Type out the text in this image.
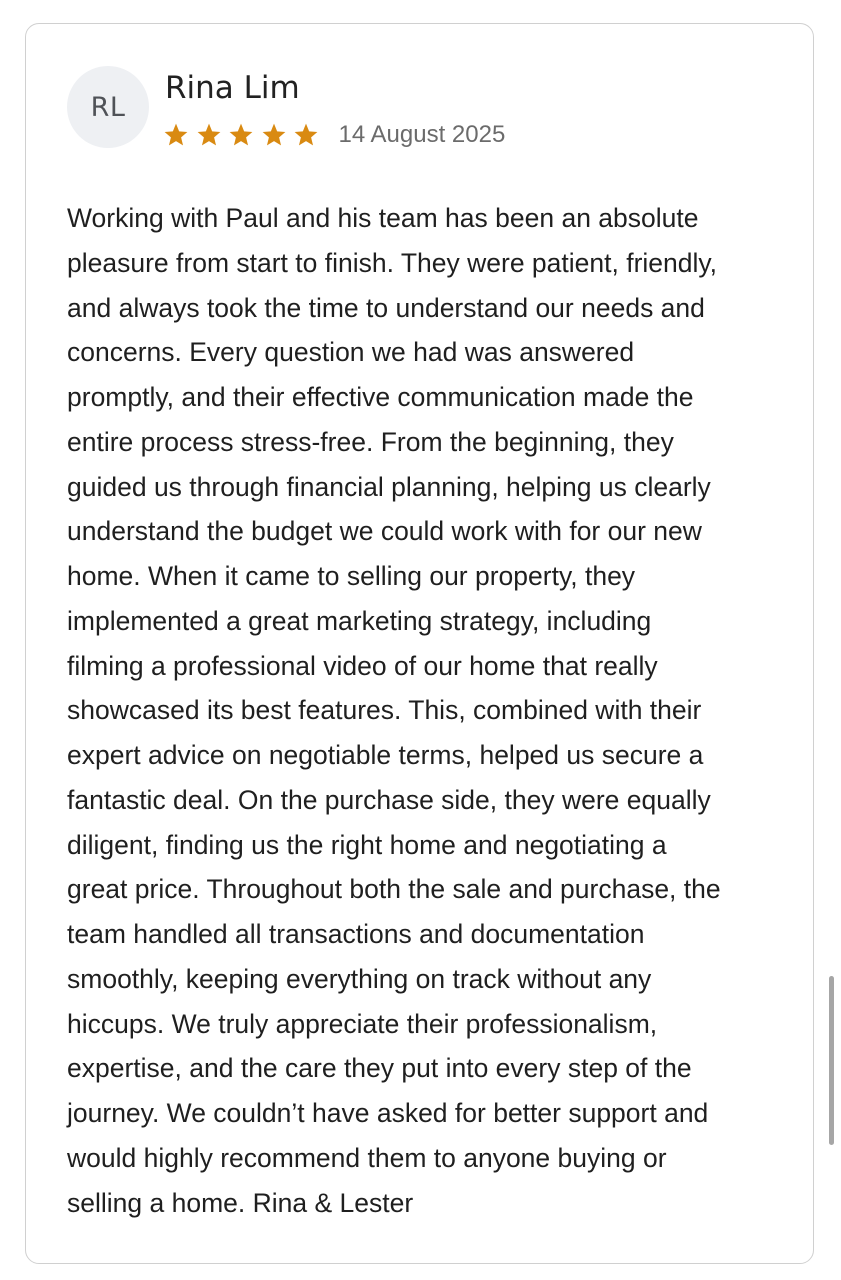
RL
Rina Lim
14 August 2025

Working with Paul and his team has been an absolute
pleasure from start to finish. They were patient, friendly,
and always took the time to understand our needs and
concerns. Every question we had was answered
promptly, and their effective communication made the
entire process stress-free. From the beginning, they
guided us through financial planning, helping us clearly
understand the budget we could work with for our new
home. When it came to selling our property, they
implemented a great marketing strategy, including
filming a professional video of our home that really
showcased its best features. This, combined with their
expert advice on negotiable terms, helped us secure a
fantastic deal. On the purchase side, they were equally
diligent, finding us the right home and negotiating a
great price. Throughout both the sale and purchase, the
team handled all transactions and documentation
smoothly, keeping everything on track without any
hiccups. We truly appreciate their professionalism,
expertise, and the care they put into every step of the
journey. We couldn’t have asked for better support and
would highly recommend them to anyone buying or
selling a home. Rina & Lester
